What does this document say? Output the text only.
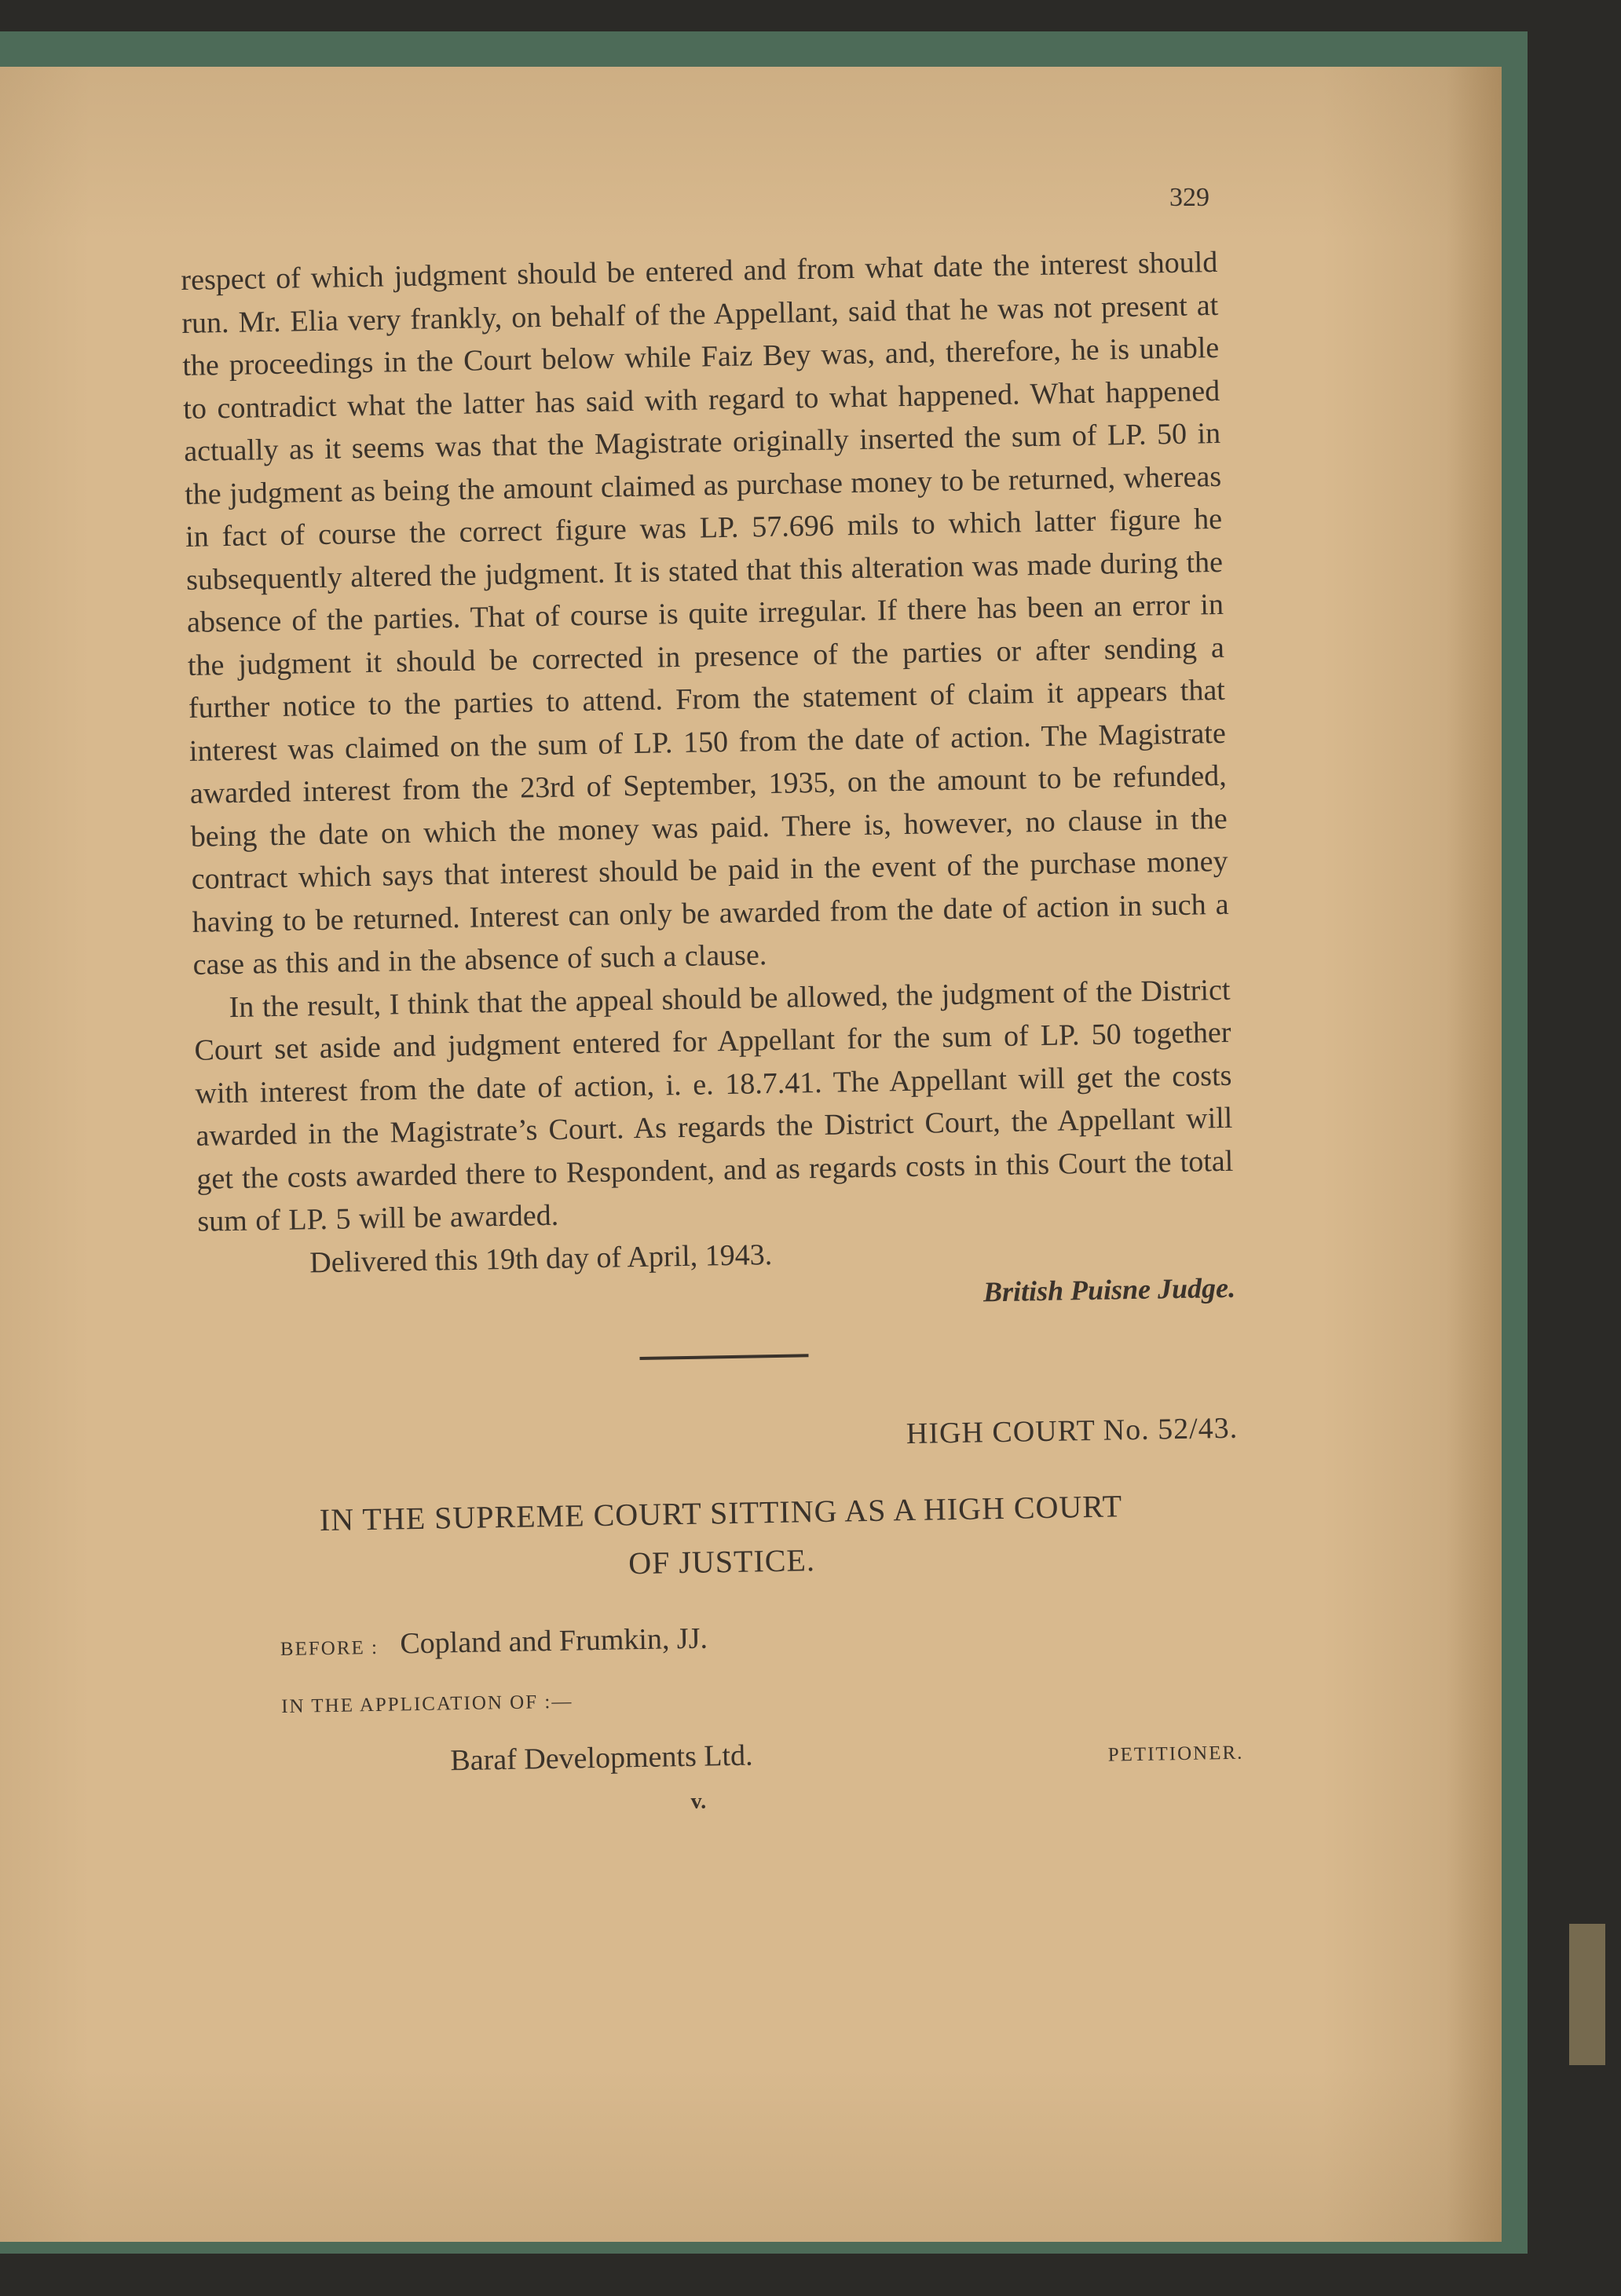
329

respect of which judgment should be entered and from what date the interest should run. Mr. Elia very frankly, on behalf of the Appellant, said that he was not present at the proceedings in the Court below while Faiz Bey was, and, therefore, he is unable to contradict what the latter has said with regard to what happened. What happened actually as it seems was that the Magistrate originally inserted the sum of LP. 50 in the judgment as being the amount claimed as purchase money to be returned, whereas in fact of course the correct figure was LP. 57.696 mils to which latter figure he subsequently altered the judgment. It is stated that this alteration was made during the absence of the parties. That of course is quite irregular. If there has been an error in the judgment it should be corrected in presence of the parties or after sending a further notice to the parties to attend. From the statement of claim it appears that interest was claimed on the sum of LP. 150 from the date of action. The Magistrate awarded interest from the 23rd of September, 1935, on the amount to be refunded, being the date on which the money was paid. There is, however, no clause in the contract which says that interest should be paid in the event of the purchase money having to be returned. Interest can only be awarded from the date of action in such a case as this and in the absence of such a clause.

In the result, I think that the appeal should be allowed, the judgment of the District Court set aside and judgment entered for Appellant for the sum of LP. 50 together with interest from the date of action, i. e. 18.7.41. The Appellant will get the costs awarded in the Magistrate’s Court. As regards the District Court, the Appellant will get the costs awarded there to Respondent, and as regards costs in this Court the total sum of LP. 5 will be awarded.

Delivered this 19th day of April, 1943.

British Puisne Judge.

HIGH COURT No. 52/43.
IN THE SUPREME COURT SITTING AS A HIGH COURT
OF JUSTICE.
BEFORE : Copland and Frumkin, JJ.
IN THE APPLICATION OF :—
Baraf Developments Ltd.	PETITIONER.
v.
